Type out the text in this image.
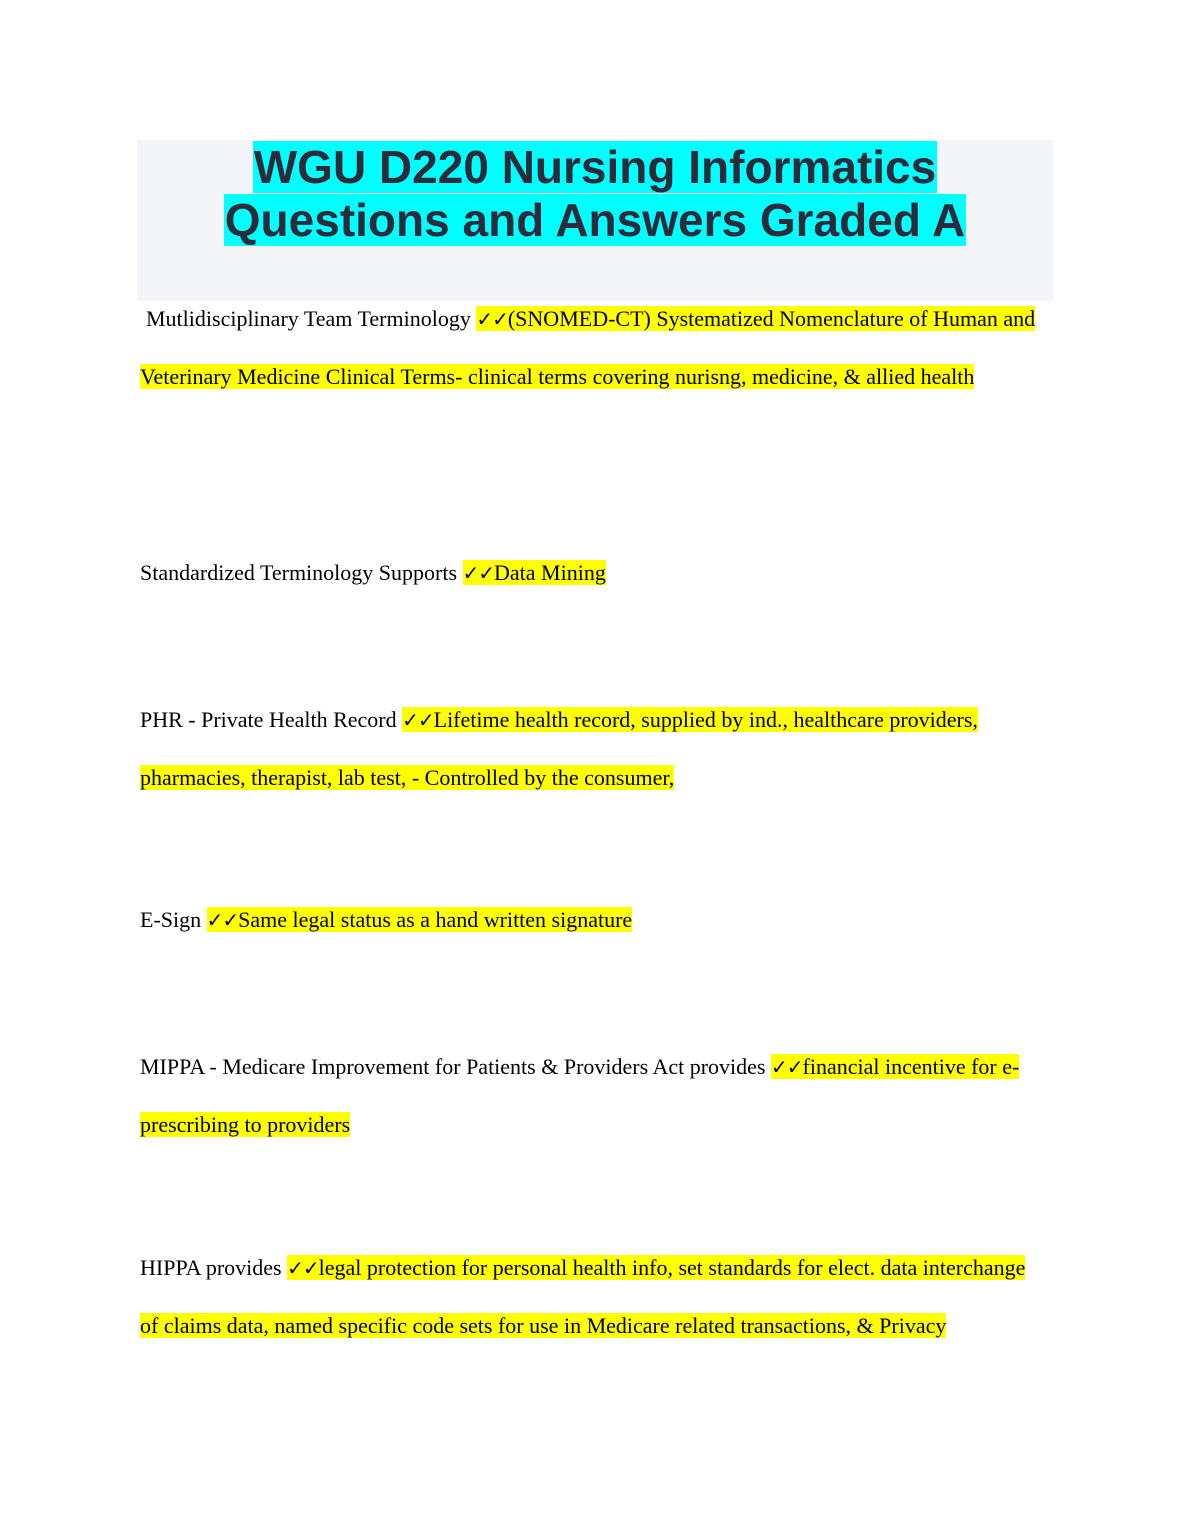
WGU D220 Nursing Informatics
Questions and Answers Graded A

Mutlidisciplinary Team Terminology ✓✓(SNOMED-CT) Systematized Nomenclature of Human and Veterinary Medicine Clinical Terms- clinical terms covering nurisng, medicine, & allied health

Standardized Terminology Supports ✓✓Data Mining

PHR - Private Health Record ✓✓Lifetime health record, supplied by ind., healthcare providers, pharmacies, therapist, lab test, - Controlled by the consumer,

E-Sign ✓✓Same legal status as a hand written signature

MIPPA - Medicare Improvement for Patients & Providers Act provides ✓✓financial incentive for e-prescribing to providers

HIPPA provides ✓✓legal protection for personal health info, set standards for elect. data interchange of claims data, named specific code sets for use in Medicare related transactions, & Privacy
